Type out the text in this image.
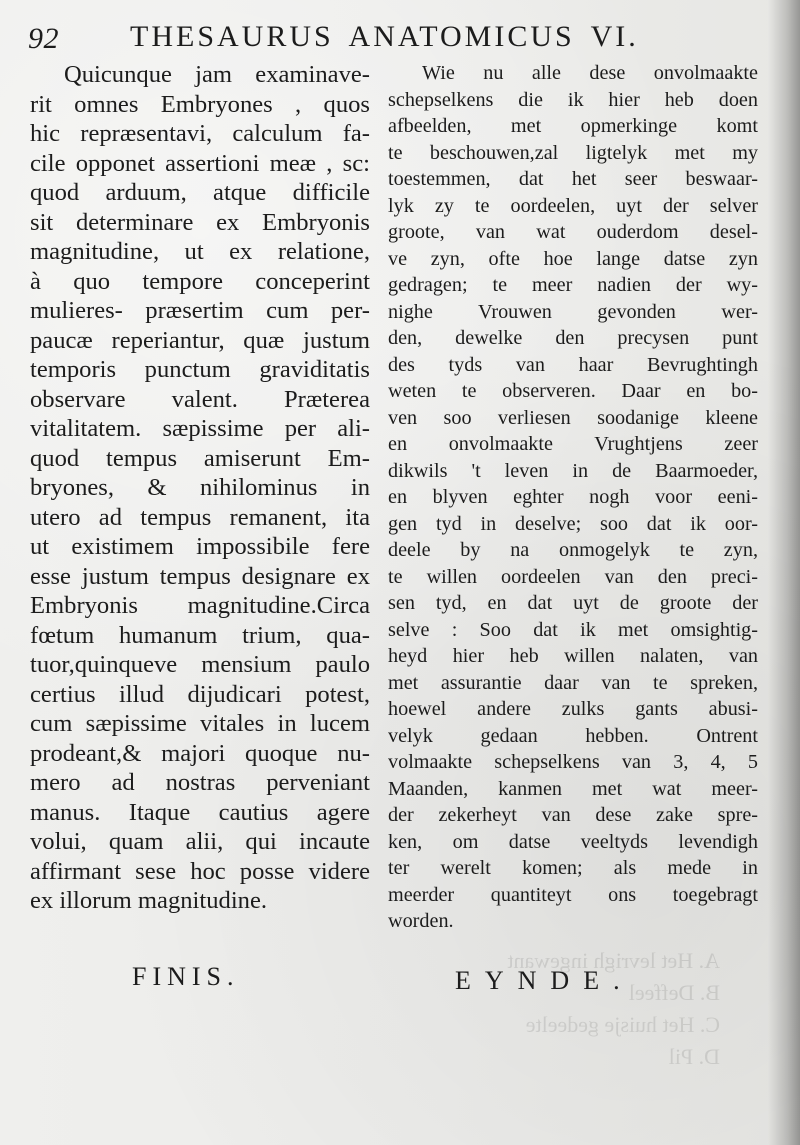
A. Het levrigh ingewant
B. Deffeel
C. Het huisje gedeelte
D. Pil
92 THESAURUS ANATOMICUS VI.
Quicunque jam examinave-
rit omnes Embryones , quos
hic repræsentavi, calculum fa-
cile opponet assertioni meæ , sc:
quod arduum, atque difficile
sit determinare ex Embryonis
magnitudine, ut ex relatione,
à quo tempore conceperint
mulieres- præsertim cum per-
paucæ reperiantur, quæ justum
temporis punctum graviditatis
observare valent. Præterea
vitalitatem. sæpissime per ali-
quod tempus amiserunt Em-
bryones, & nihilominus in
utero ad tempus remanent, ita
ut existimem impossibile fere
esse justum tempus designare ex
Embryonis magnitudine.Circa
fœtum humanum trium, qua-
tuor,quinqueve mensium paulo
certius illud dijudicari potest,
cum sæpissime vitales in lucem
prodeant,& majori quoque nu-
mero ad nostras perveniant
manus. Itaque cautius agere
volui, quam alii, qui incaute
affirmant sese hoc posse videre
ex illorum magnitudine.
Wie nu alle dese onvolmaakte
schepselkens die ik hier heb doen
afbeelden, met opmerkinge komt
te beschouwen,zal ligtelyk met my
toestemmen, dat het seer beswaar-
lyk zy te oordeelen, uyt der selver
groote, van wat ouderdom desel-
ve zyn, ofte hoe lange datse zyn
gedragen; te meer nadien der wy-
nighe Vrouwen gevonden wer-
den, dewelke den precysen punt
des tyds van haar Bevrughtingh
weten te observeren. Daar en bo-
ven soo verliesen soodanige kleene
en onvolmaakte Vrughtjens zeer
dikwils 't leven in de Baarmoeder,
en blyven eghter nogh voor eeni-
gen tyd in deselve; soo dat ik oor-
deele by na onmogelyk te zyn,
te willen oordeelen van den preci-
sen tyd, en dat uyt de groote der
selve : Soo dat ik met omsightig-
heyd hier heb willen nalaten, van
met assurantie daar van te spreken,
hoewel andere zulks gants abusi-
velyk gedaan hebben. Ontrent
volmaakte schepselkens van 3, 4, 5
Maanden, kanmen met wat meer-
der zekerheyt van dese zake spre-
ken, om datse veeltyds levendigh
ter werelt komen; als mede in
meerder quantiteyt ons toegebragt
worden.
FINIS.	EYNDE.
